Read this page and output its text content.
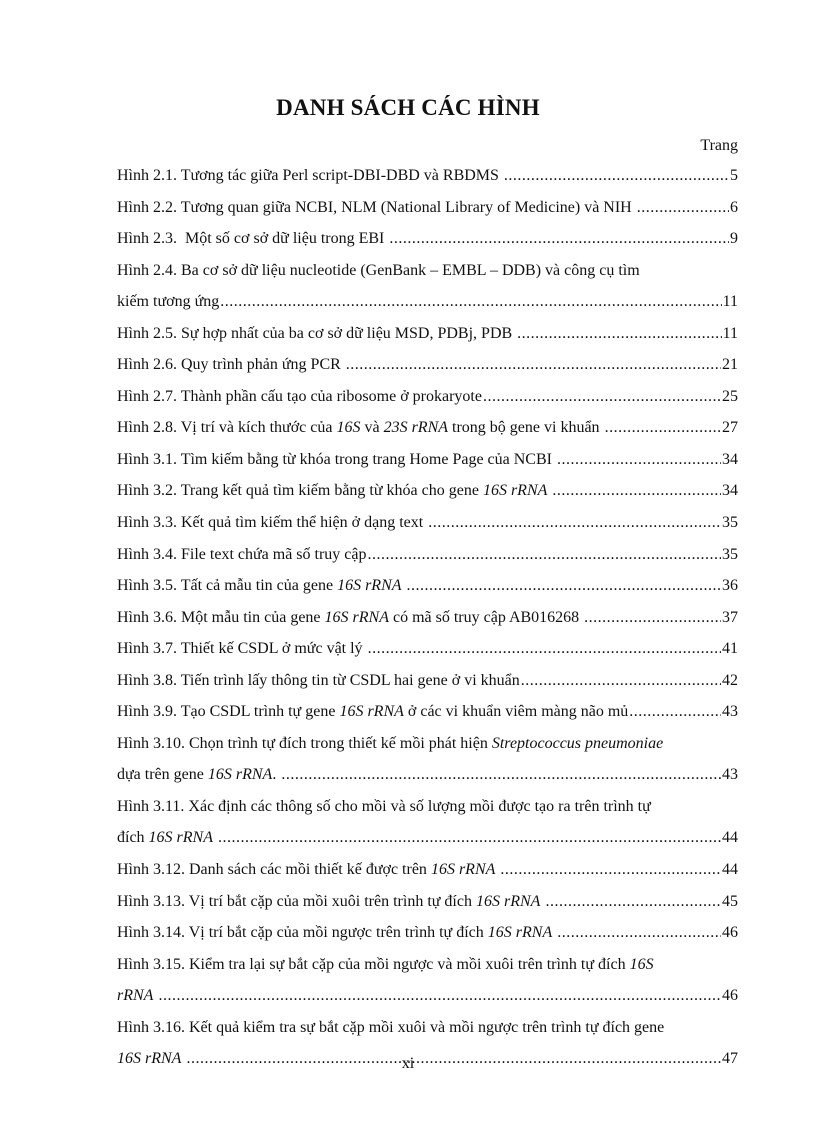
DANH SÁCH CÁC HÌNH
Trang
Hình 2.1. Tương tác giữa Perl script-DBI-DBD và RBDMS .....	5
Hình 2.2. Tương quan giữa NCBI, NLM (National Library of Medicine) và NIH .....	6
Hình 2.3.  Một số cơ sở dữ liệu trong EBI .....	9
Hình 2.4. Ba cơ sở dữ liệu nucleotide (GenBank – EMBL – DDB) và công cụ tìm
kiếm tương ứng .....	11
Hình 2.5. Sự hợp nhất của ba cơ sở dữ liệu MSD, PDBj, PDB .....	11
Hình 2.6. Quy trình phản ứng PCR .....	21
Hình 2.7. Thành phần cấu tạo của ribosome ở prokaryote .....	25
Hình 2.8. Vị trí và kích thước của 16S và 23S rRNA trong bộ gene vi khuẩn .....	27
Hình 3.1. Tìm kiếm bằng từ khóa trong trang Home Page của NCBI .....	34
Hình 3.2. Trang kết quả tìm kiếm bằng từ khóa cho gene 16S rRNA .....	34
Hình 3.3. Kết quả tìm kiếm thể hiện ở dạng text .....	35
Hình 3.4. File text chứa mã số truy cập .....	35
Hình 3.5. Tất cả mẫu tin của gene 16S rRNA .....	36
Hình 3.6. Một mẫu tin của gene 16S rRNA có mã số truy cập AB016268 .....	37
Hình 3.7. Thiết kế CSDL ở mức vật lý .....	41
Hình 3.8. Tiến trình lấy thông tin từ CSDL hai gene ở vi khuẩn .....	42
Hình 3.9. Tạo CSDL trình tự gene 16S rRNA ở các vi khuẩn viêm màng não mủ .....	43
Hình 3.10. Chọn trình tự đích trong thiết kế mồi phát hiện Streptococcus pneumoniae
dựa trên gene 16S rRNA. .....	43
Hình 3.11. Xác định các thông số cho mồi và số lượng mồi được tạo ra trên trình tự
đích 16S rRNA .....	44
Hình 3.12. Danh sách các mồi thiết kế được trên 16S rRNA .....	44
Hình 3.13. Vị trí bắt cặp của mồi xuôi trên trình tự đích 16S rRNA .....	45
Hình 3.14. Vị trí bắt cặp của mồi ngược trên trình tự đích 16S rRNA .....	46
Hình 3.15. Kiểm tra lại sự bắt cặp của mồi ngược và mồi xuôi trên trình tự đích 16S
rRNA .....	46
Hình 3.16. Kết quả kiểm tra sự bắt cặp mồi xuôi và mồi ngược trên trình tự đích gene
16S rRNA .....	47
xi
